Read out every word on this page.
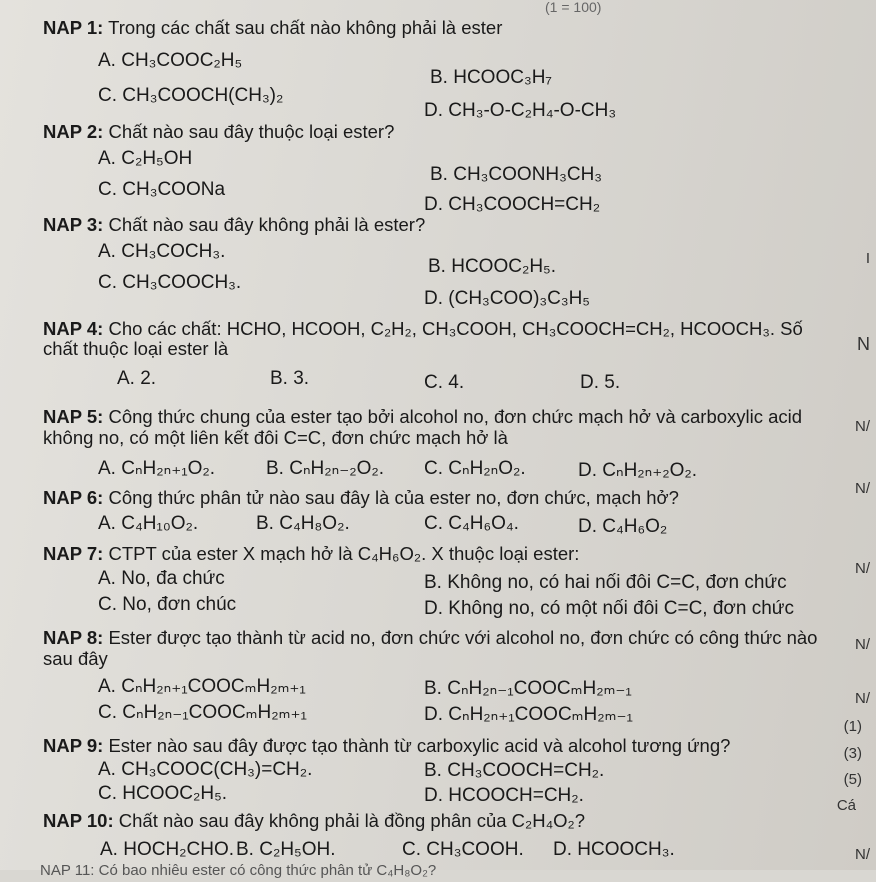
(1 = 100)
NAP 1: Trong các chất sau chất nào không phải là ester
A. CH₃COOC₂H₅
B. HCOOC₃H₇
C. CH₃COOCH(CH₃)₂
D. CH₃-O-C₂H₄-O-CH₃
NAP 2: Chất nào sau đây thuộc loại ester?
A. C₂H₅OH
B. CH₃COONH₃CH₃
C. CH₃COONa
D. CH₃COOCH=CH₂
NAP 3: Chất nào sau đây không phải là ester?
A. CH₃COCH₃.
B. HCOOC₂H₅.
C. CH₃COOCH₃.
D. (CH₃COO)₃C₃H₅
NAP 4: Cho các chất: HCHO, HCOOH, C₂H₂, CH₃COOH, CH₃COOCH=CH₂, HCOOCH₃. Số
chất thuộc loại ester là
A. 2.	B. 3.	C. 4.	D. 5.
NAP 5: Công thức chung của ester tạo bởi alcohol no, đơn chức mạch hở và carboxylic acid
không no, có một liên kết đôi C=C, đơn chức mạch hở là
A. CₙH₂ₙ₊₁O₂.	B. CₙH₂ₙ₋₂O₂. C. CₙH₂ₙO₂.	D. CₙH₂ₙ₊₂O₂.
NAP 6: Công thức phân tử nào sau đây là của ester no, đơn chức, mạch hở?
A. C₄H₁₀O₂.	B. C₄H₈O₂.	C. C₄H₆O₄.	D. C₄H₆O₂
NAP 7: CTPT của ester X mạch hở là C₄H₆O₂. X thuộc loại ester:
A. No, đa chức	B. Không no, có hai nối đôi C=C, đơn chức
C. No, đơn chúc	D. Không no, có một nối đôi C=C, đơn chức
NAP 8: Ester được tạo thành từ acid no, đơn chức với alcohol no, đơn chức có công thức nào
sau đây
A. CₙH₂ₙ₊₁COOCₘH₂ₘ₊₁	B. CₙH₂ₙ₋₁COOCₘH₂ₘ₋₁
C. CₙH₂ₙ₋₁COOCₘH₂ₘ₊₁	D. CₙH₂ₙ₊₁COOCₘH₂ₘ₋₁
NAP 9: Ester nào sau đây được tạo thành từ carboxylic acid và alcohol tương ứng?
A. CH₃COOC(CH₃)=CH₂.	B. CH₃COOCH=CH₂.
C. HCOOC₂H₅.	D. HCOOCH=CH₂.
NAP 10: Chất nào sau đây không phải là đồng phân của C₂H₄O₂?
A. HOCH₂CHO. B. C₂H₅OH.	C. CH₃COOH. D. HCOOCH₃.
NAP 11: Có bao nhiêu ester có công thức phân tử C₄H₈O₂?
I
N
N/
N/
N/
N/
N/
(1)
(3)
(5)
Cá
N/
